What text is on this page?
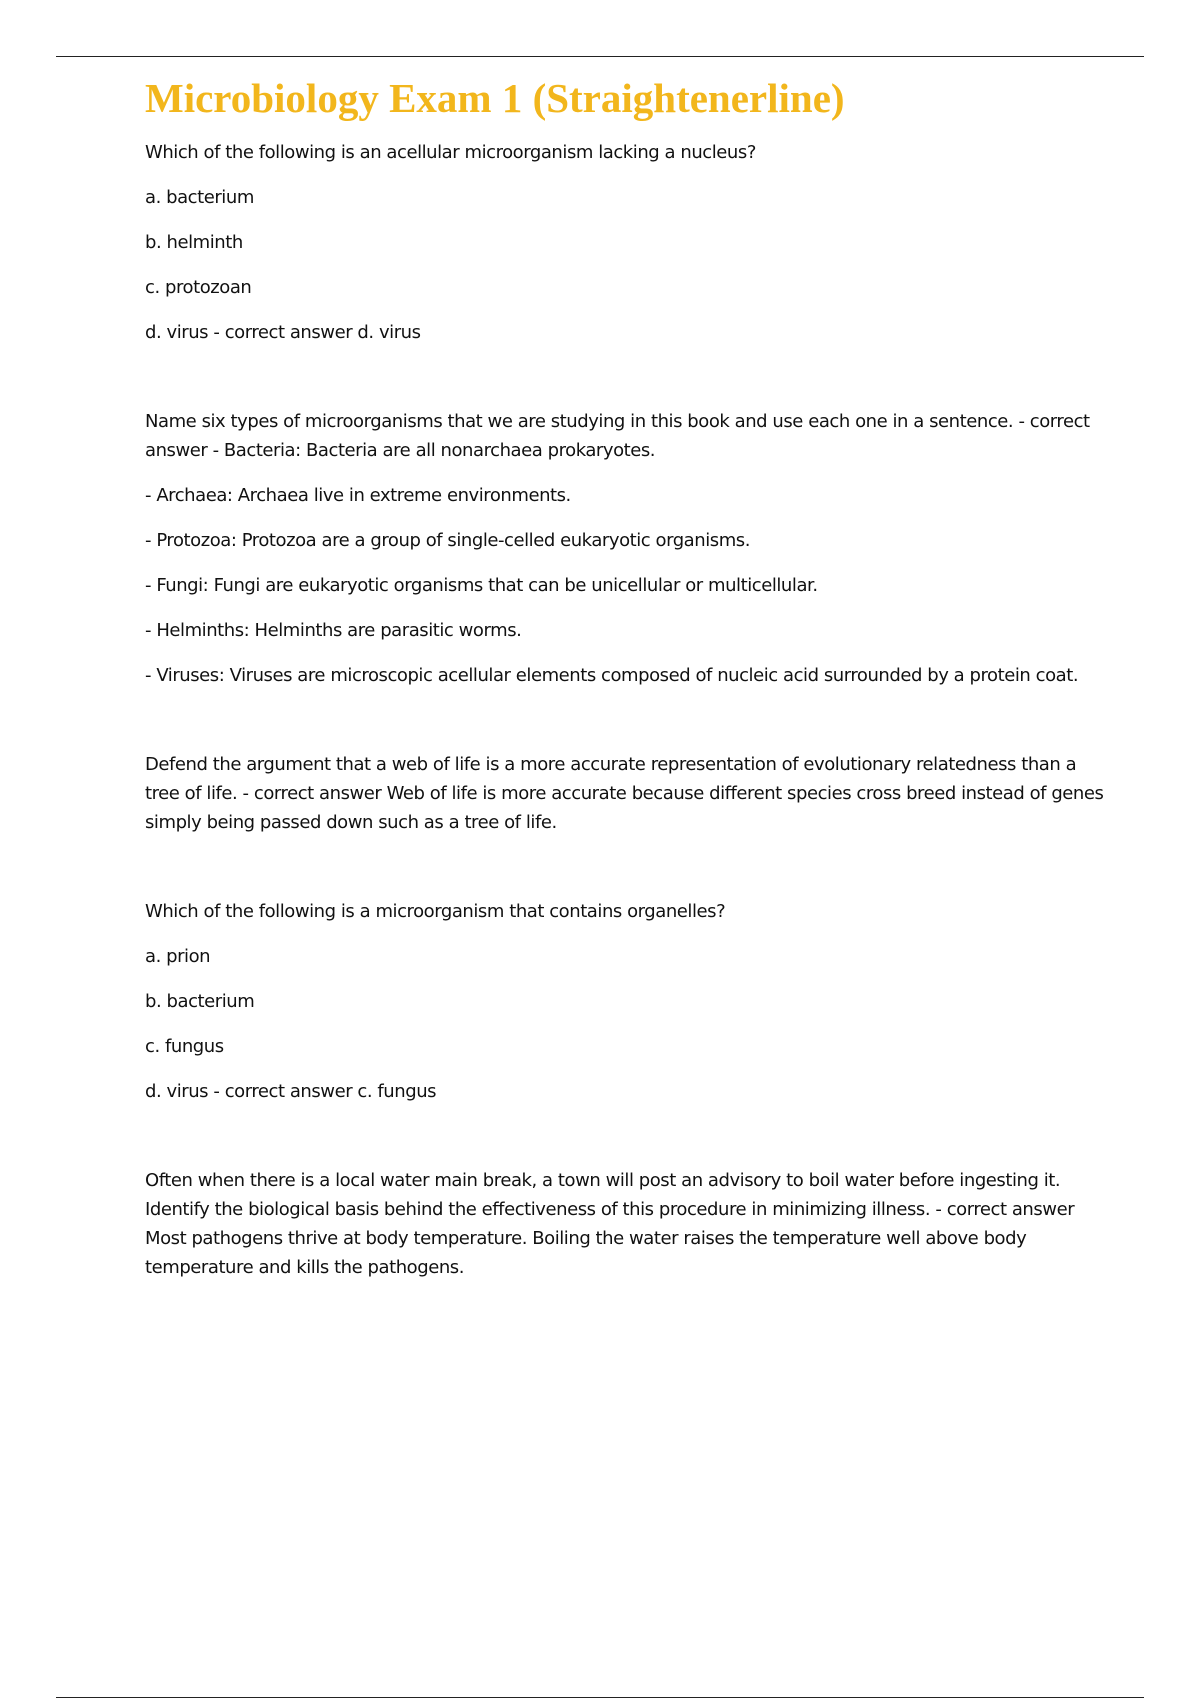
Microbiology Exam 1 (Straightenerline)

Which of the following is an acellular microorganism lacking a nucleus?

a. bacterium

b. helminth

c. protozoan

d. virus - correct answer d. virus

Name six types of microorganisms that we are studying in this book and use each one in a sentence. - correct answer - Bacteria: Bacteria are all nonarchaea prokaryotes.

- Archaea: Archaea live in extreme environments.

- Protozoa: Protozoa are a group of single-celled eukaryotic organisms.

- Fungi: Fungi are eukaryotic organisms that can be unicellular or multicellular.

- Helminths: Helminths are parasitic worms.

- Viruses: Viruses are microscopic acellular elements composed of nucleic acid surrounded by a protein coat.

Defend the argument that a web of life is a more accurate representation of evolutionary relatedness than a tree of life. - correct answer Web of life is more accurate because different species cross breed instead of genes simply being passed down such as a tree of life.

Which of the following is a microorganism that contains organelles?

a. prion

b. bacterium

c. fungus

d. virus - correct answer c. fungus

Often when there is a local water main break, a town will post an advisory to boil water before ingesting it. Identify the biological basis behind the effectiveness of this procedure in minimizing illness. - correct answer Most pathogens thrive at body temperature. Boiling the water raises the temperature well above body temperature and kills the pathogens.
